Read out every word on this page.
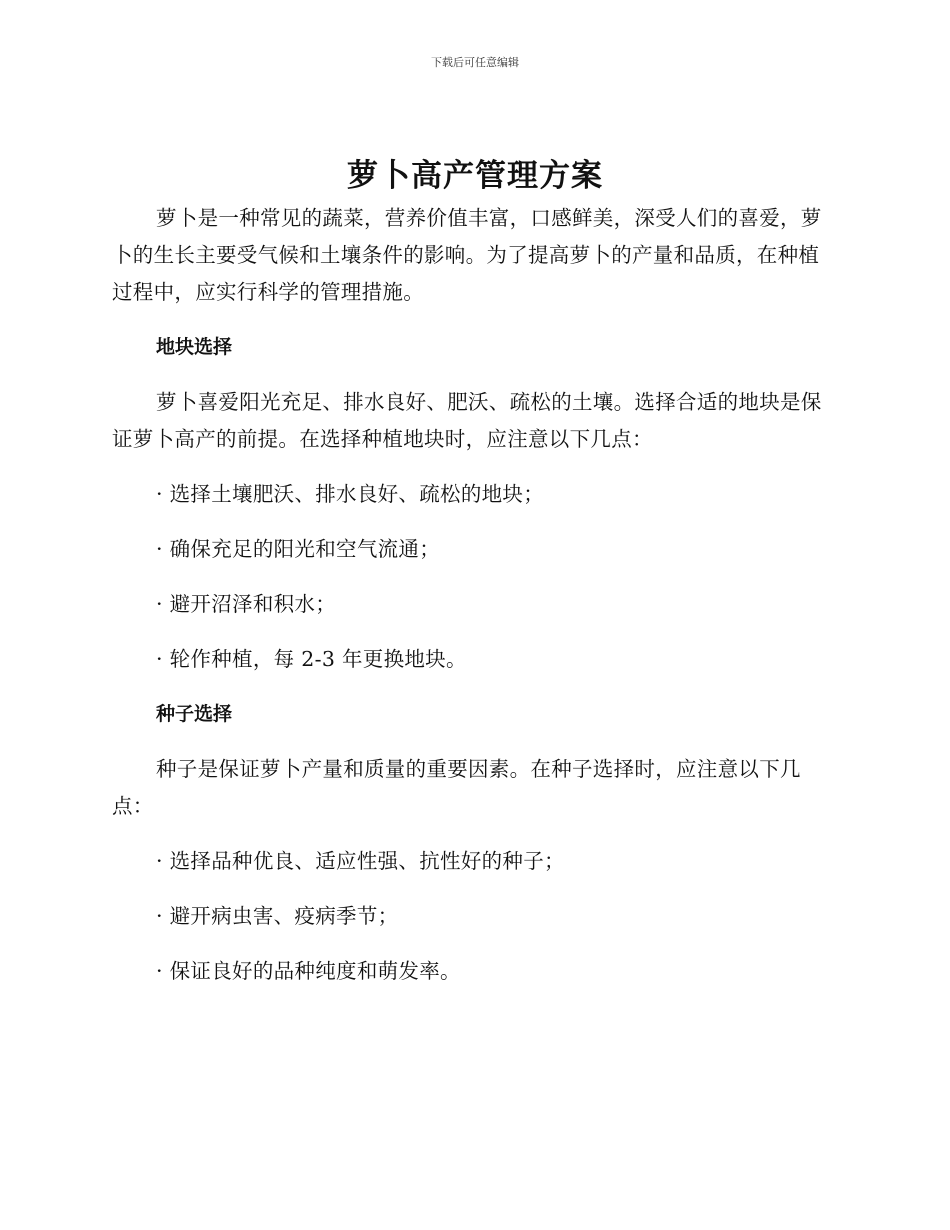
下载后可任意编辑
萝卜高产管理方案

萝卜是一种常见的蔬菜，营养价值丰富，口感鲜美，深受人们的喜爱，萝卜的生长主要受气候和土壤条件的影响。为了提高萝卜的产量和品质，在种植过程中，应实行科学的管理措施。

地块选择

萝卜喜爱阳光充足、排水良好、肥沃、疏松的土壤。选择合适的地块是保证萝卜高产的前提。在选择种植地块时，应注意以下几点：

· 选择土壤肥沃、排水良好、疏松的地块；

· 确保充足的阳光和空气流通；

· 避开沼泽和积水；

· 轮作种植，每 2-3 年更换地块。

种子选择

种子是保证萝卜产量和质量的重要因素。在种子选择时，应注意以下几点：

· 选择品种优良、适应性强、抗性好的种子；

· 避开病虫害、疫病季节；

· 保证良好的品种纯度和萌发率。
